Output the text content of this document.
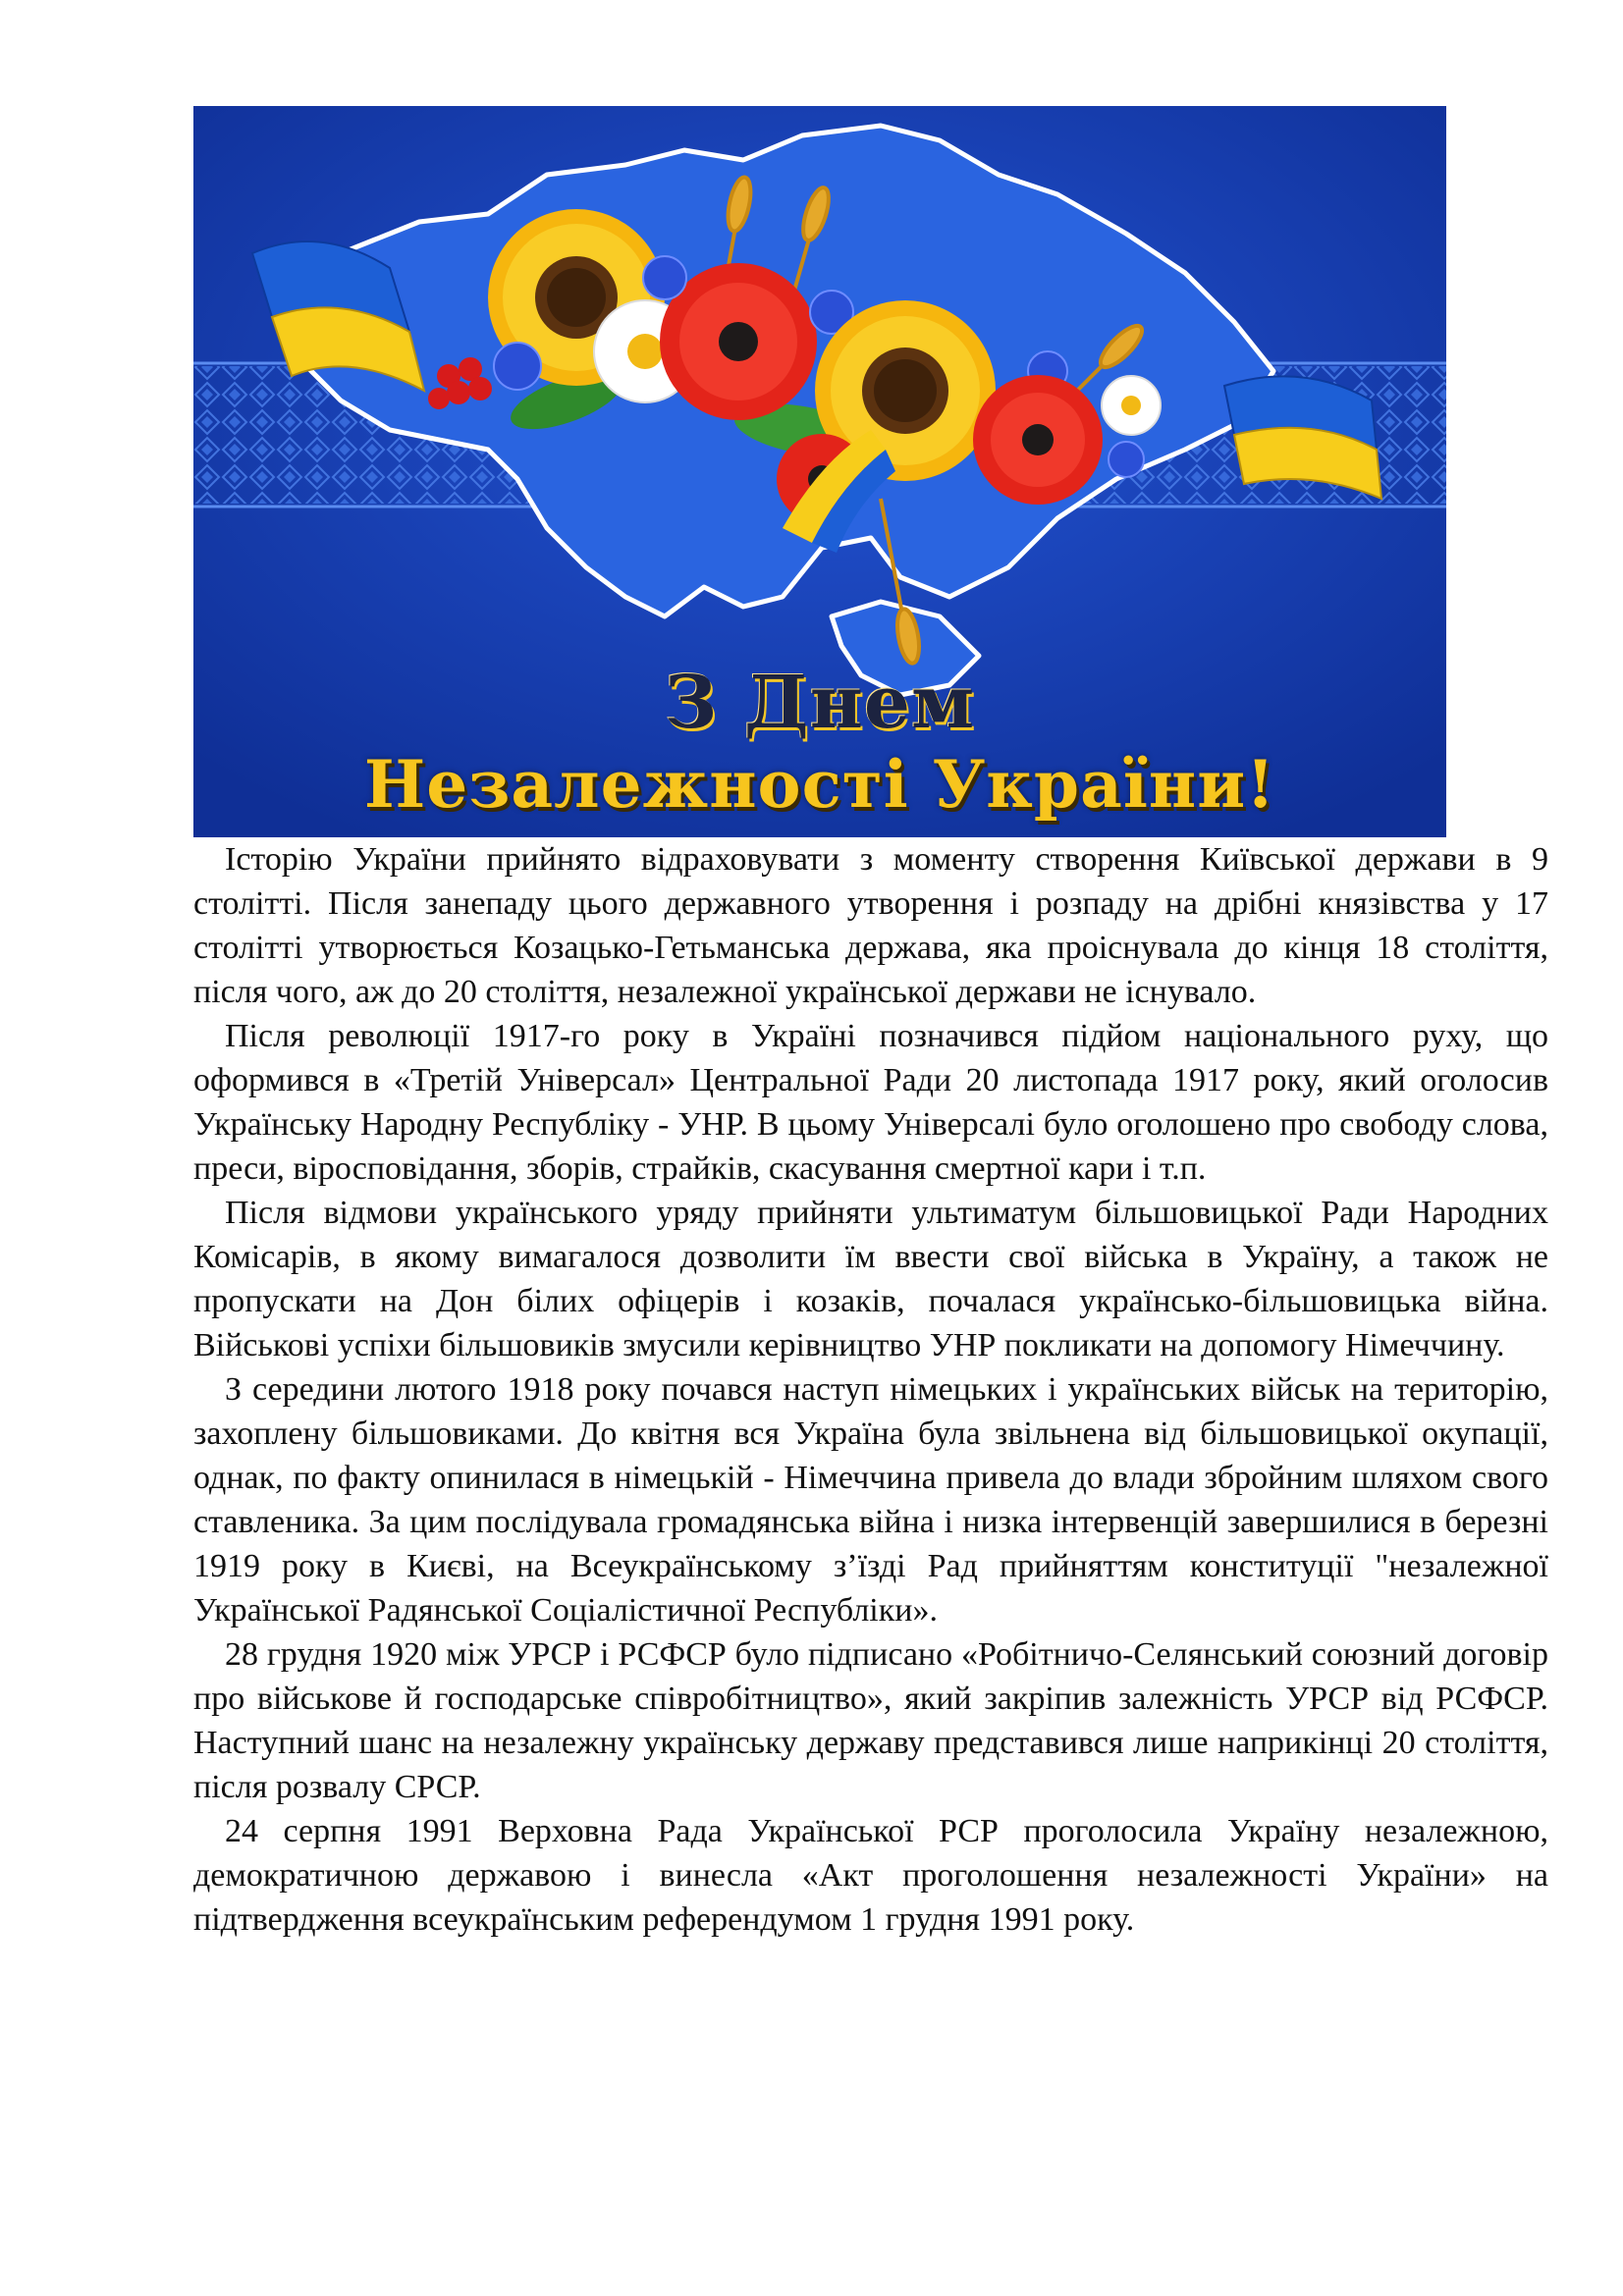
З Днем
Незалежності України!

Історію України прийнято відраховувати з моменту створення Київської держави в 9 столітті. Після занепаду цього державного утворення і розпаду на дрібні князівства у 17 столітті утворюється Козацько-Гетьманська держава, яка проіснувала до кінця 18 століття, після чого, аж до 20 століття, незалежної української держави не існувало.

Після революції 1917-го року в Україні позначився підйом національного руху, що оформився в «Третій Універсал» Центральної Ради 20 листопада 1917 року, який оголосив Українську Народну Республіку - УНР. В цьому Універсалі було оголошено про свободу слова, преси, віросповідання, зборів, страйків, скасування смертної кари і т.п.

Після відмови українського уряду прийняти ультиматум більшовицької Ради Народних Комісарів, в якому вимагалося дозволити їм ввести свої війська в Україну, а також не пропускати на Дон білих офіцерів і козаків, почалася українсько-більшовицька війна. Військові успіхи більшовиків змусили керівництво УНР покликати на допомогу Німеччину.

З середини лютого 1918 року почався наступ німецьких і українських військ на територію, захоплену більшовиками. До квітня вся Україна була звільнена від більшовицької окупації, однак, по факту опинилася в німецькій - Німеччина привела до влади збройним шляхом свого ставленика. За цим послідувала громадянська війна і низка інтервенцій завершилися в березні 1919 року в Києві, на Всеукраїнському з’їзді Рад прийняттям конституції "незалежної Української Радянської Соціалістичної Республіки».

28 грудня 1920 між УРСР і РСФСР було підписано «Робітничо-Селянський союзний договір про військове й господарське співробітництво», який закріпив залежність УРСР від РСФСР. Наступний шанс на незалежну українську державу представився лише наприкінці 20 століття, після розвалу СРСР.

24 серпня 1991 Верховна Рада Української РСР проголосила Україну незалежною, демократичною державою і винесла «Акт проголошення незалежності України» на підтвердження всеукраїнським референдумом 1 грудня 1991 року.
